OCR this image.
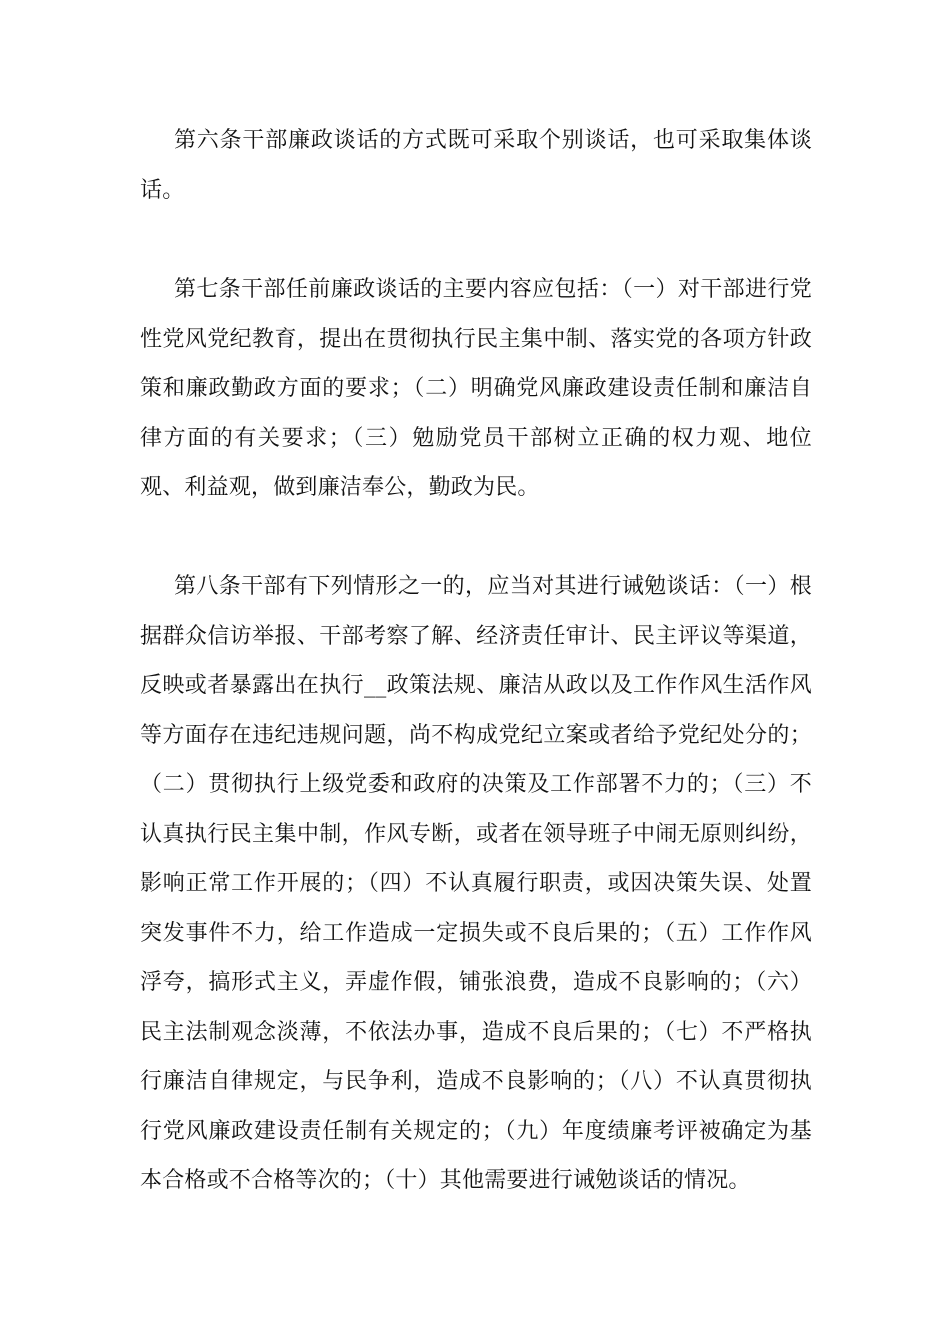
第六条干部廉政谈话的方式既可采取个别谈话，也可采取集体谈话。

第七条干部任前廉政谈话的主要内容应包括：（一）对干部进行党性党风党纪教育，提出在贯彻执行民主集中制、落实党的各项方针政策和廉政勤政方面的要求；（二）明确党风廉政建设责任制和廉洁自律方面的有关要求；（三）勉励党员干部树立正确的权力观、地位观、利益观，做到廉洁奉公，勤政为民。

第八条干部有下列情形之一的，应当对其进行诫勉谈话：（一）根据群众信访举报、干部考察了解、经济责任审计、民主评议等渠道，反映或者暴露出在执行__政策法规、廉洁从政以及工作作风生活作风等方面存在违纪违规问题，尚不构成党纪立案或者给予党纪处分的；（二）贯彻执行上级党委和政府的决策及工作部署不力的；（三）不认真执行民主集中制，作风专断，或者在领导班子中闹无原则纠纷，影响正常工作开展的；（四）不认真履行职责，或因决策失误、处置突发事件不力，给工作造成一定损失或不良后果的；（五）工作作风浮夸，搞形式主义，弄虚作假，铺张浪费，造成不良影响的；（六）民主法制观念淡薄，不依法办事，造成不良后果的；（七）不严格执行廉洁自律规定，与民争利，造成不良影响的；（八）不认真贯彻执行党风廉政建设责任制有关规定的；（九）年度绩廉考评被确定为基本合格或不合格等次的；（十）其他需要进行诫勉谈话的情况。
